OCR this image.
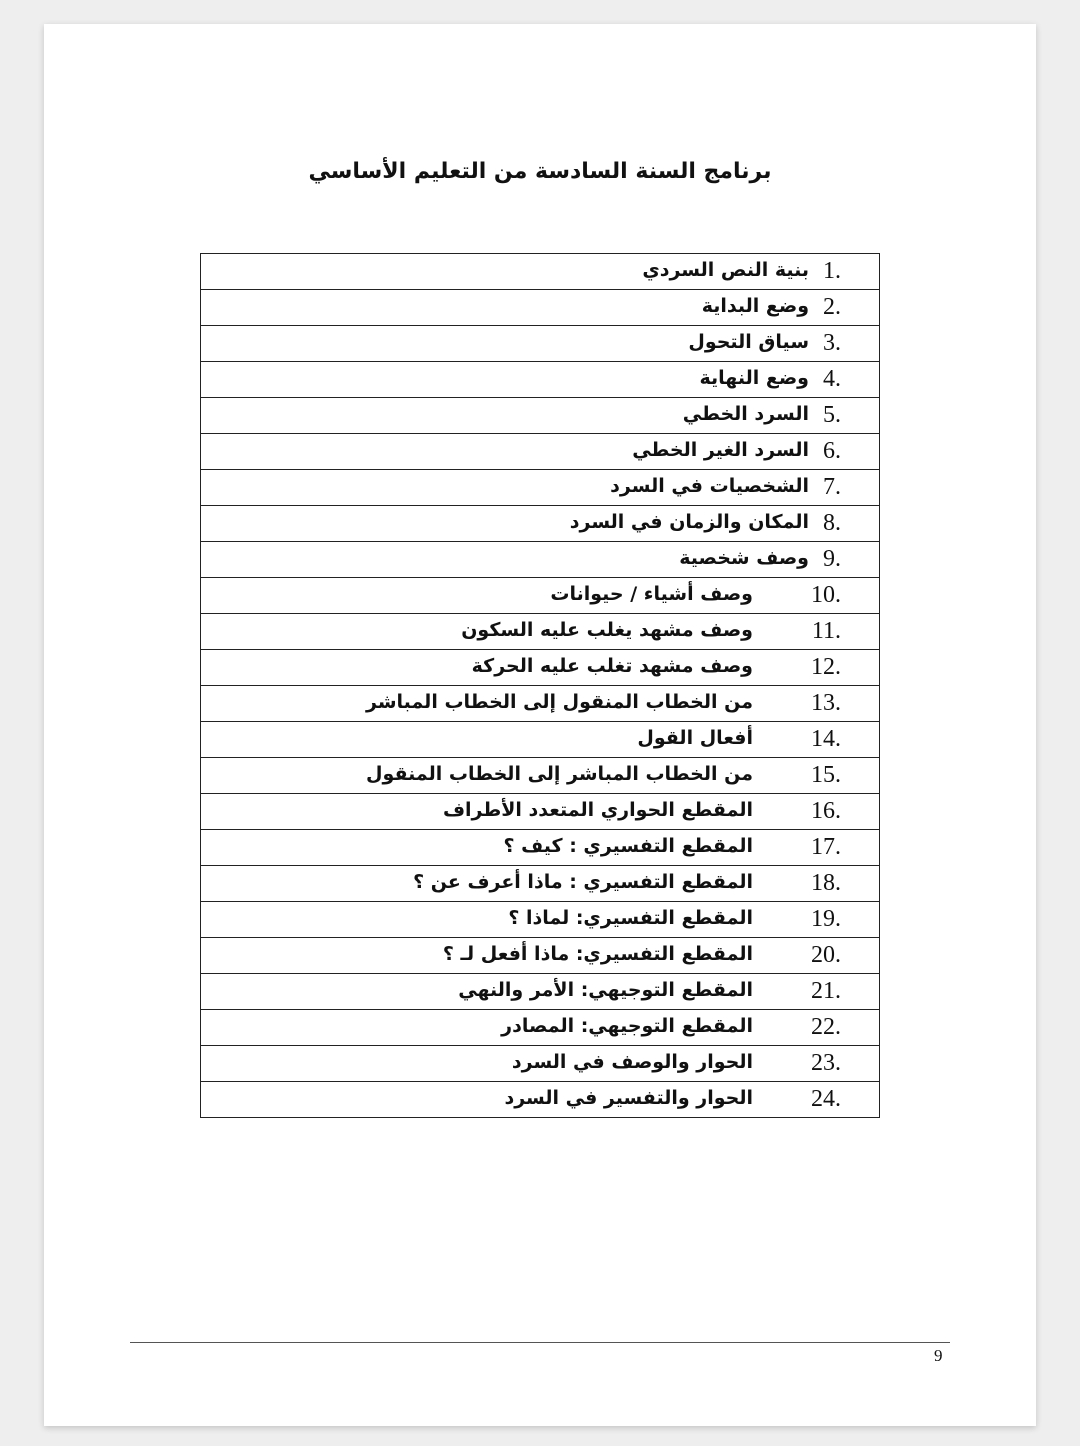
برنامج السنة السادسة من التعليم الأساسي
1.
بنية النص السردي

2.
وضع البداية

3.
سياق التحول

4.
وضع النهاية

5.
السرد الخطي

6.
السرد الغير الخطي

7.
الشخصيات في السرد

8.
المكان والزمان في السرد

9.
وصف شخصية

10.
وصف أشياء / حيوانات

11.
وصف مشهد يغلب عليه السكون

12.
وصف مشهد تغلب عليه الحركة

13.
من الخطاب المنقول إلى الخطاب المباشر

14.
أفعال القول

15.
من الخطاب المباشر إلى الخطاب المنقول

16.
المقطع الحواري المتعدد الأطراف

17.
المقطع التفسيري : كيف ؟

18.
المقطع التفسيري : ماذا أعرف عن ؟

19.
المقطع التفسيري: لماذا ؟

20.
المقطع التفسيري: ماذا أفعل لـ ؟

21.
المقطع التوجيهي: الأمر والنهي

22.
المقطع التوجيهي: المصادر

23.
الحوار والوصف في السرد

24.
الحوار والتفسير في السرد
9
